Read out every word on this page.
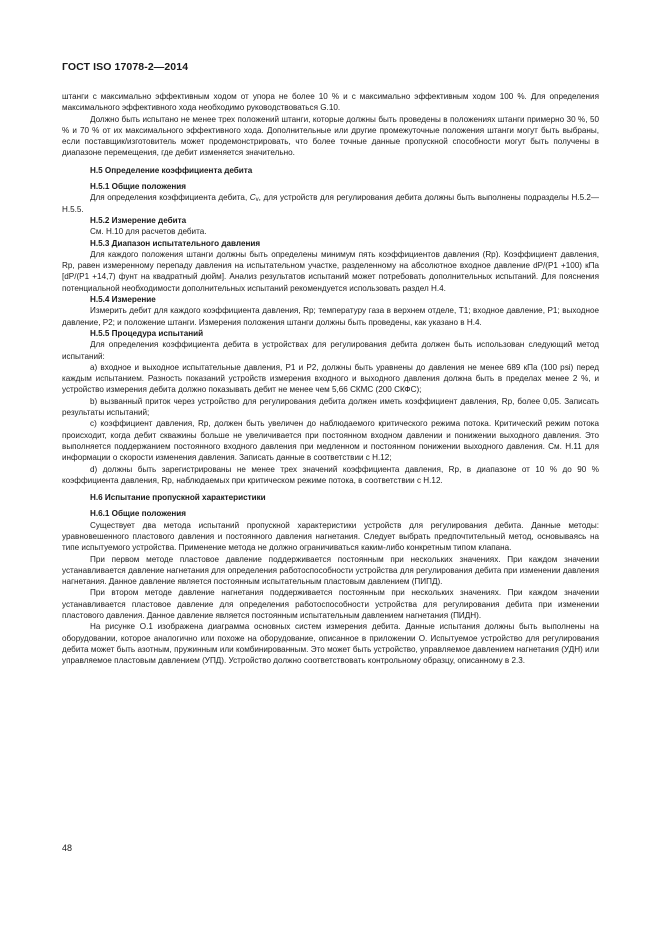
ГОСТ ISO 17078-2—2014

штанги с максимально эффективным ходом от упора не более 10 % и с максимально эффективным ходом 100 %. Для определения максимального эффективного хода необходимо руководствоваться G.10.

Должно быть испытано не менее трех положений штанги, которые должны быть проведены в положениях штанги примерно 30 %, 50 % и 70 % от их максимального эффективного хода. Дополнительные или другие промежуточные положения штанги могут быть выбраны, если поставщик/изготовитель может продемонстрировать, что более точные данные пропускной способности могут быть получены в диапазоне перемещения, где дебит изменяется значительно.

H.5 Определение коэффициента дебита
H.5.1 Общие положения

Для определения коэффициента дебита, $C_v$, для устройств для регулирования дебита должны быть выполнены подразделы H.5.2—H.5.5.

H.5.2 Измерение дебита

См. H.10 для расчетов дебита.

H.5.3 Диапазон испытательного давления

Для каждого положения штанги должны быть определены минимум пять коэффициентов давления (Rp). Коэффициент давления, Rp, равен измеренному перепаду давления на испытательном участке, разделенному на абсолютное входное давление dP/(P1 +100) кПа [dP/(P1 +14,7) фунт на квадратный дюйм]. Анализ результатов испытаний может потребовать дополнительных испытаний. Для пояснения потенциальной необходимости дополнительных испытаний рекомендуется использовать раздел H.4.

H.5.4 Измерение

Измерить дебит для каждого коэффициента давления, Rp; температуру газа в верхнем отделе, T1; входное давление, P1; выходное давление, P2; и положение штанги. Измерения положения штанги должны быть проведены, как указано в H.4.

H.5.5 Процедура испытаний

Для определения коэффициента дебита в устройствах для регулирования дебита должен быть использован следующий метод испытаний:

a) входное и выходное испытательные давления, P1 и P2, должны быть уравнены до давления не менее 689 кПа (100 psi) перед каждым испытанием. Разность показаний устройств измерения входного и выходного давления должна быть в пределах менее 2 %, и устройство измерения дебита должно показывать дебит не менее чем 5,66 СКМС (200 СКФС);

b) вызванный приток через устройство для регулирования дебита должен иметь коэффициент давления, Rp, более 0,05. Записать результаты испытаний;

c) коэффициент давления, Rp, должен быть увеличен до наблюдаемого критического режима потока. Критический режим потока происходит, когда дебит скважины больше не увеличивается при постоянном входном давлении и понижении выходного давления. Это выполняется поддержанием постоянного входного давления при медленном и постоянном понижении выходного давления. См. H.11 для информации о скорости изменения давления. Записать данные в соответствии с H.12;

d) должны быть зарегистрированы не менее трех значений коэффициента давления, Rp, в диапазоне от 10 % до 90 % коэффициента давления, Rp, наблюдаемых при критическом режиме потока, в соответствии с H.12.

H.6 Испытание пропускной характеристики
H.6.1 Общие положения

Существует два метода испытаний пропускной характеристики устройств для регулирования дебита. Данные методы: уравновешенного пластового давления и постоянного давления нагнетания. Следует выбрать предпочтительный метод, основываясь на типе испытуемого устройства. Применение метода не должно ограничиваться каким-либо конкретным типом клапана.

При первом методе пластовое давление поддерживается постоянным при нескольких значениях. При каждом значении устанавливается давление нагнетания для определения работоспособности устройства для регулирования дебита при изменении давления нагнетания. Данное давление является постоянным испытательным пластовым давлением (ПИПД).

При втором методе давление нагнетания поддерживается постоянным при нескольких значениях. При каждом значении устанавливается пластовое давление для определения работоспособности устройства для регулирования дебита при изменении пластового давления. Данное давление является постоянным испытательным давлением нагнетания (ПИДН).

На рисунке О.1 изображена диаграмма основных систем измерения дебита. Данные испытания должны быть выполнены на оборудовании, которое аналогично или похоже на оборудование, описанное в приложении О. Испытуемое устройство для регулирования дебита может быть азотным, пружинным или комбинированным. Это может быть устройство, управляемое давлением нагнетания (УДН) или управляемое пластовым давлением (УПД). Устройство должно соответствовать контрольному образцу, описанному в 2.3.

48
